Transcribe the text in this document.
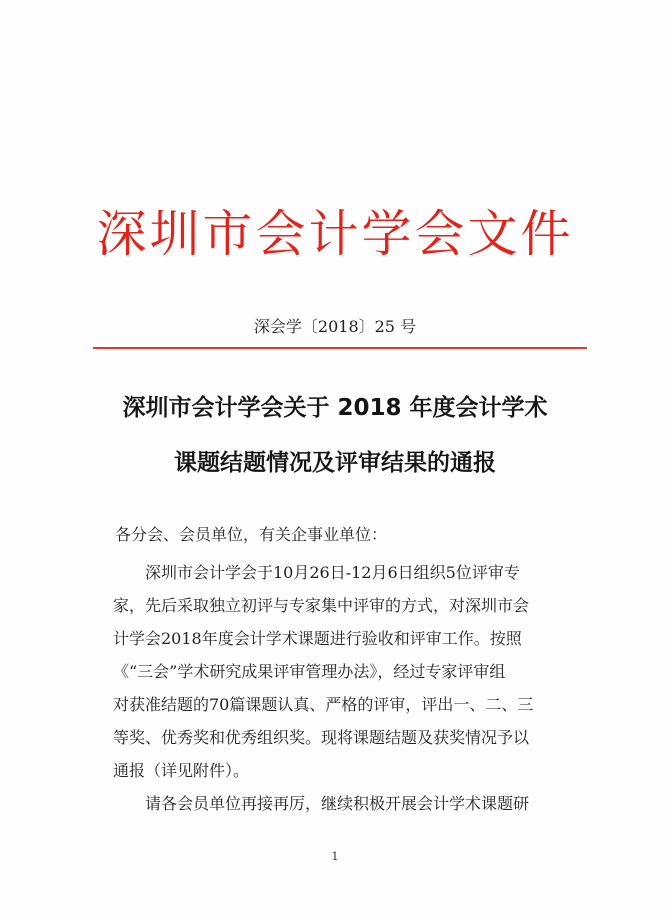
深圳市会计学会文件
深会学〔2018〕25 号
深圳市会计学会关于 2018 年度会计学术
课题结题情况及评审结果的通报
各分会、会员单位，有关企事业单位：
深圳市会计学会于10月26日-12月6日组织5位评审专
家，先后采取独立初评与专家集中评审的方式，对深圳市会
计学会2018年度会计学术课题进行验收和评审工作。按照
《“三会”学术研究成果评审管理办法》，经过专家评审组
对获准结题的70篇课题认真、严格的评审，评出一、二、三
等奖、优秀奖和优秀组织奖。现将课题结题及获奖情况予以
通报（详见附件）。
请各会员单位再接再厉，继续积极开展会计学术课题研
1
